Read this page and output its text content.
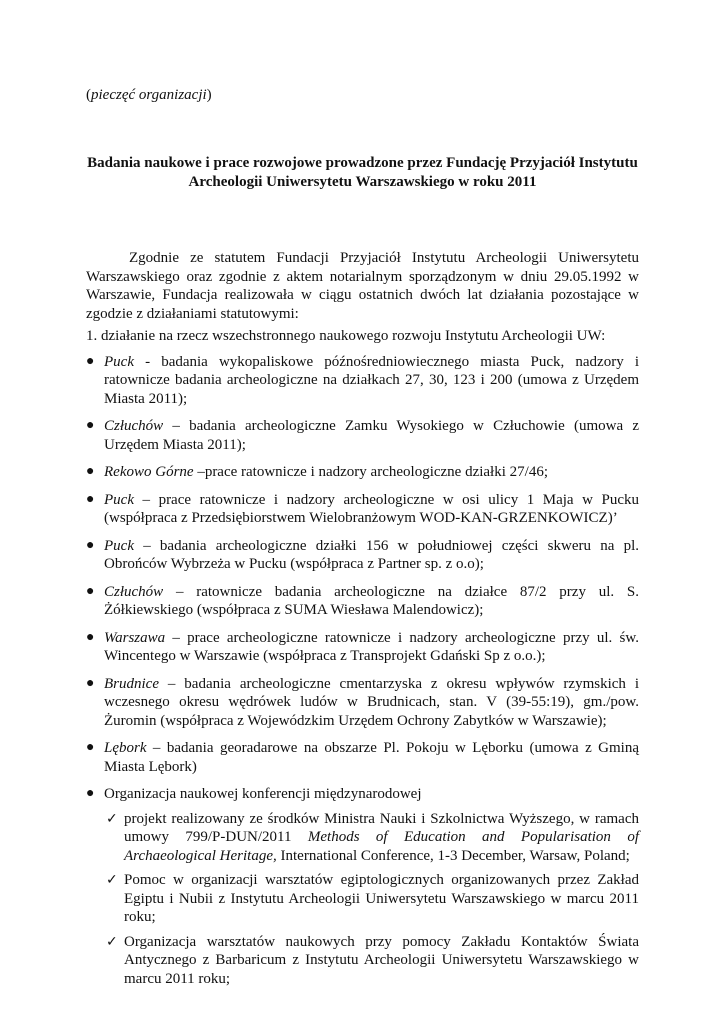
(pieczęć organizacji)
Badania naukowe i prace rozwojowe prowadzone przez Fundację Przyjaciół Instytutu
Archeologii Uniwersytetu Warszawskiego w roku 2011

Zgodnie ze statutem Fundacji Przyjaciół Instytutu Archeologii Uniwersytetu Warszawskiego oraz zgodnie z aktem notarialnym sporządzonym w dniu 29.05.1992 w Warszawie, Fundacja realizowała w ciągu ostatnich dwóch lat działania pozostające w zgodzie z działaniami statutowymi:

1. działanie na rzecz wszechstronnego naukowego rozwoju Instytutu Archeologii UW:

● Puck - badania wykopaliskowe późnośredniowiecznego miasta Puck, nadzory i ratownicze badania archeologiczne na działkach 27, 30, 123 i 200 (umowa z Urzędem Miasta 2011);
● Człuchów – badania archeologiczne Zamku Wysokiego w Człuchowie (umowa z Urzędem Miasta 2011);
● Rekowo Górne –prace ratownicze i nadzory archeologiczne działki 27/46;
● Puck – prace ratownicze i nadzory archeologiczne w osi ulicy 1 Maja w Pucku (współpraca z Przedsiębiorstwem Wielobranżowym WOD-KAN-GRZENKOWICZ)’
● Puck – badania archeologiczne działki 156 w południowej części skweru na pl. Obrońców Wybrzeża w Pucku (współpraca z Partner sp. z o.o);
● Człuchów – ratownicze badania archeologiczne na działce 87/2 przy ul. S. Żółkiewskiego (współpraca z SUMA Wiesława Malendowicz);
● Warszawa – prace archeologiczne ratownicze i nadzory archeologiczne przy ul. św. Wincentego w Warszawie (współpraca z Transprojekt Gdański Sp z o.o.);
● Brudnice – badania archeologiczne cmentarzyska z okresu wpływów rzymskich i wczesnego okresu wędrówek ludów w Brudnicach, stan. V (39-55:19), gm./pow. Żuromin (współpraca z Wojewódzkim Urzędem Ochrony Zabytków w Warszawie);
● Lębork – badania georadarowe na obszarze Pl. Pokoju w Lęborku (umowa z Gminą Miasta Lębork)
● Organizacja naukowej konferencji międzynarodowej
✓ projekt realizowany ze środków Ministra Nauki i Szkolnictwa Wyższego, w ramach umowy 799/P-DUN/2011 Methods of Education and Popularisation of Archaeological Heritage, International Conference, 1-3 December, Warsaw, Poland;
✓ Pomoc w organizacji warsztatów egiptologicznych organizowanych przez Zakład Egiptu i Nubii z Instytutu Archeologii Uniwersytetu Warszawskiego w marcu 2011 roku;
✓ Organizacja warsztatów naukowych przy pomocy Zakładu Kontaktów Świata Antycznego z Barbaricum z Instytutu Archeologii Uniwersytetu Warszawskiego w marcu 2011 roku;
